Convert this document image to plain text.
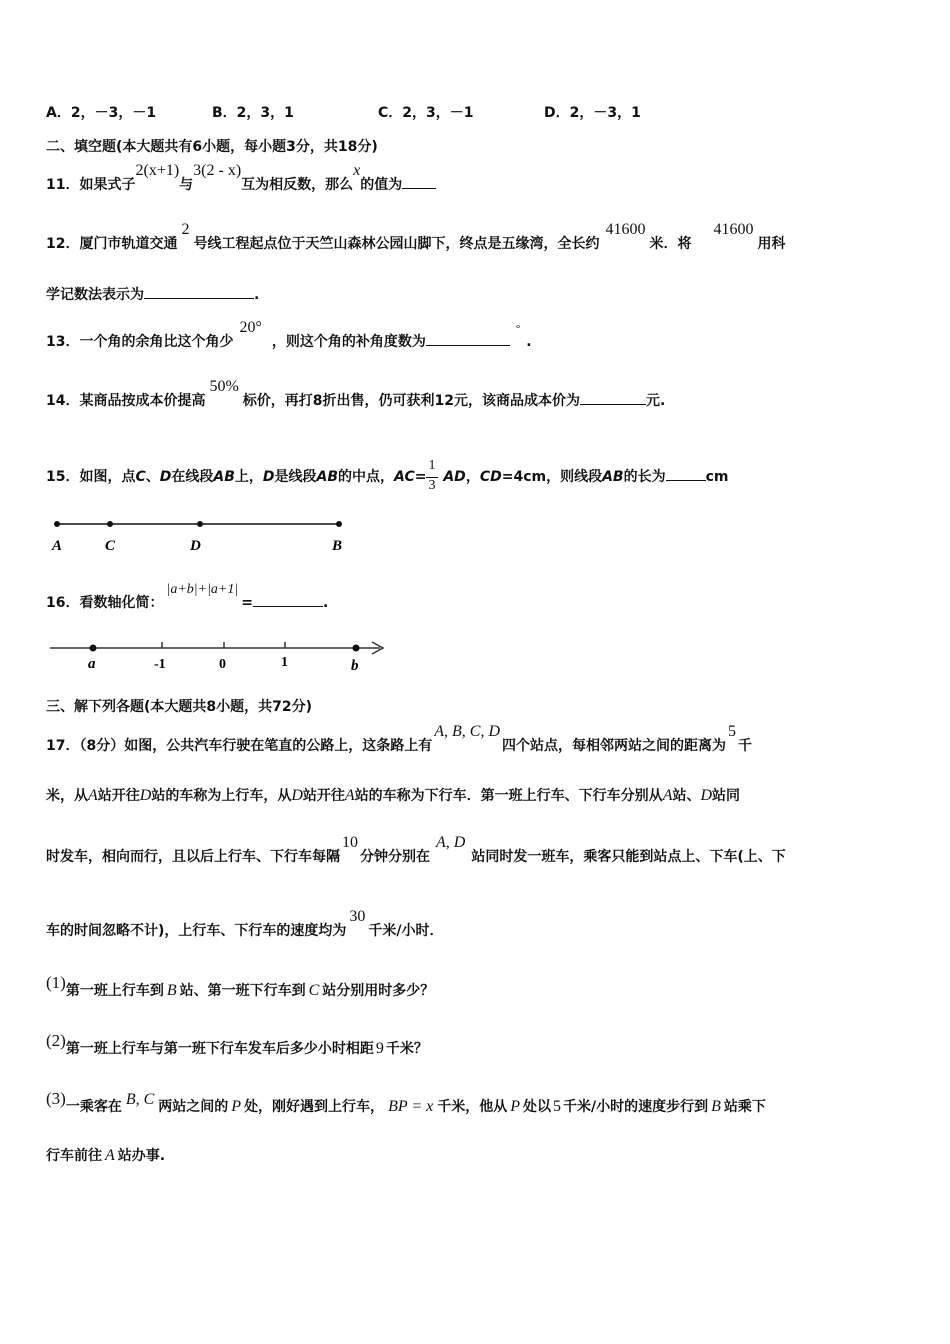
A．2，－3，－1	B．2，3，1	C．2，3，－1	D．2，－3，1
二、填空题(本大题共有6小题，每小题3分，共18分)
11．如果式子2(x+1)与3(2 - x)互为相反数，那么x的值为
12．厦门市轨道交通2号线工程起点位于天竺山森林公园山脚下，终点是五缘湾，全长约41600米．将41600用科
学记数法表示为	.
13．一个角的余角比这个角少20°，则这个角的补角度数为°.
14．某商品按成本价提高50%标价，再打8折出售，仍可获利12元，该商品成本价为	元.
15．如图，点C、D在线段AB上，D是线段AB的中点，$AC= \frac{1}{3}$ AD，CD=4cm，则线段AB的长为	cm
A	C	D	B
16．看数轴化简：|a+b|+|a+1|=	.
a	-1	0	1	b
三、解下列各题(本大题共8小题，共72分)
17．（8分）如图，公共汽车行驶在笔直的公路上，这条路上有A, B, C, D四个站点，每相邻两站之间的距离为5千
米，从A站开往D站的车称为上行车，从D站开往A站的车称为下行车．第一班上行车、下行车分别从A站、D站同
时发车，相向而行，且以后上行车、下行车每隔10分钟分别在A, D站同时发一班车，乘客只能到站点上、下车(上、下
车的时间忽略不计)，上行车、下行车的速度均为30千米/小时．
(1)第一班上行车到 B 站、第一班下行车到 C 站分别用时多少？
(2)第一班上行车与第一班下行车发车后多少小时相距 9 千米？
(3)一乘客在 B, C 两站之间的 P 处，刚好遇到上行车， BP = x 千米，他从 P 处以 5 千米/小时的速度步行到 B 站乘下
行车前往 A 站办事.
